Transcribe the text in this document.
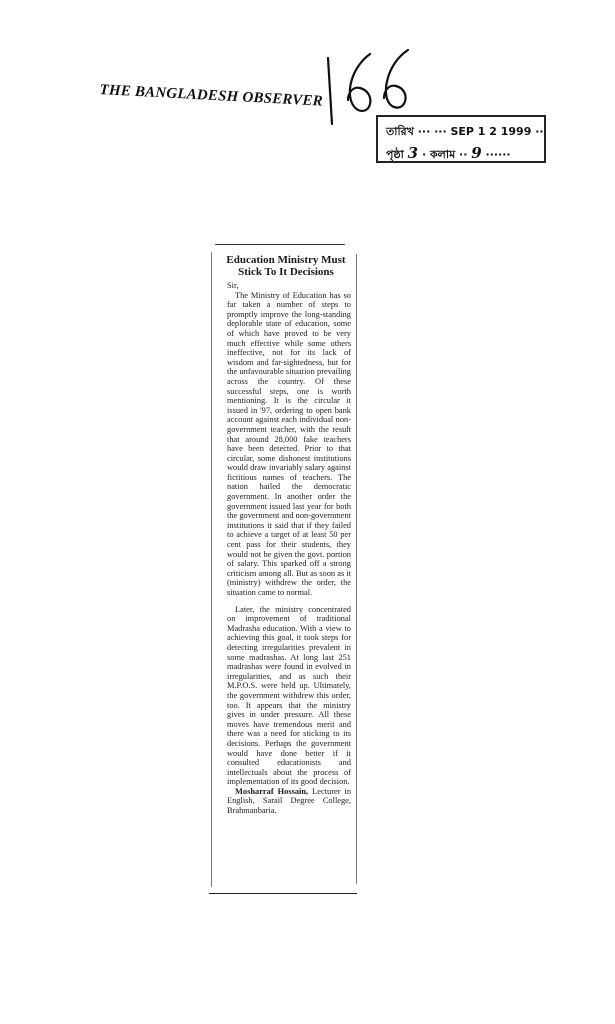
THE BANGLADESH OBSERVER
তারিখ ··· ··· SEP 1 2 1999 ··
পৃষ্ঠা 3 · কলাম ·· 9 ······
Education Ministry Must Stick To It Decisions

Sir,

The Ministry of Education has so far taken a number of steps to promptly improve the long-standing deplorable state of education, some of which have proved to be very much effective while some others ineffective, not for its lack of wisdom and far-sightedness, but for the unfavourable situation prevailing across the country. Of these successful steps, one is worth mentioning. It is the circular it issued in '97, ordering to open bank account against each individual non-government teacher, with the result that around 28,000 fake teachers have been detected. Prior to that circular, some dishonest institutions would draw invariably salary against fictitious names of teachers. The nation hailed the democratic government. In another order the government issued last year for both the government and non-government institutions it said that if they failed to achieve a target of at least 50 per cent pass for their students, they would not be given the govt. portion of salary. This sparked off a strong criticism among all. But as soon as it (ministry) withdrew the order, the situation came to normal.

Later, the ministry concentrated on improvement of traditional Madrasha education. With a view to achieving this goal, it took steps for detecting irregularities prevalent in some madrashas. At long last 251 madrashas were found in evolved in irregularities, and as such their M.P.O.S. were held up. Ultimately, the government withdrew this order, too. It appears that the ministry gives in under pressure. All these moves have tremendous merit and there was a need for sticking to its decisions. Perhaps the government would have done better if it consulted educationists and intellectuals about the process of implementation of its good decision.

Mosharraf Hossain, Lecturer in English, Sarail Degree College, Brahmanbaria.
